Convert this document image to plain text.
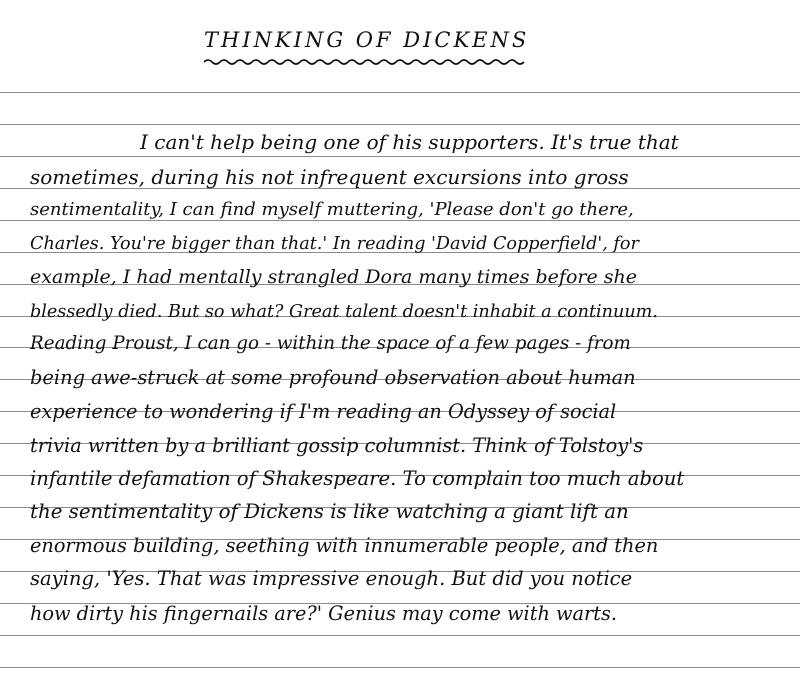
THINKING OF DICKENS
I can't help being one of his supporters. It's true that
sometimes, during his not infrequent excursions into gross
sentimentality, I can find myself muttering, 'Please don't go there,
Charles. You're bigger than that.' In reading 'David Copperfield', for
example, I had mentally strangled Dora many times before she
blessedly died. But so what? Great talent doesn't inhabit a continuum.
Reading Proust, I can go - within the space of a few pages - from
being awe-struck at some profound observation about human
experience to wondering if I'm reading an Odyssey of social
trivia written by a brilliant gossip columnist. Think of Tolstoy's
infantile defamation of Shakespeare. To complain too much about
the sentimentality of Dickens is like watching a giant lift an
enormous building, seething with innumerable people, and then
saying, 'Yes. That was impressive enough. But did you notice
how dirty his fingernails are?' Genius may come with warts.
